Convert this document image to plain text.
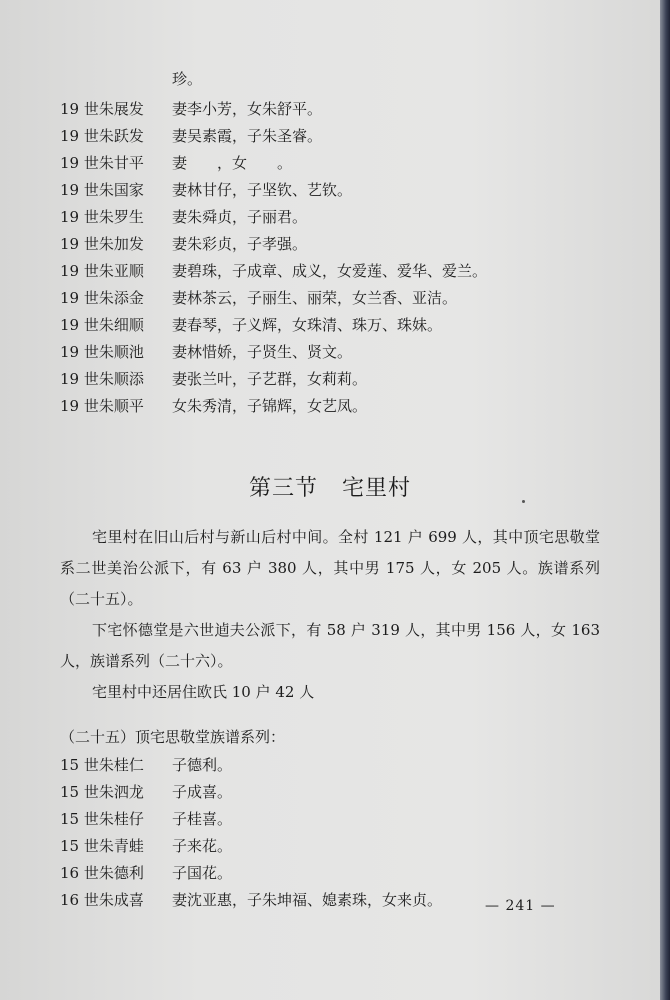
珍。
19 世朱展发 妻李小芳，女朱舒平。
19 世朱跃发 妻吴素霞，子朱圣睿。
19 世朱甘平 妻　　，女　　。
19 世朱国家 妻林甘仔，子坚钦、艺钦。
19 世朱罗生 妻朱舜贞，子丽君。
19 世朱加发 妻朱彩贞，子孝强。
19 世朱亚顺 妻碧珠，子成章、成义，女爱莲、爱华、爱兰。
19 世朱添金 妻林茶云，子丽生、丽荣，女兰香、亚洁。
19 世朱细顺 妻春琴，子义辉，女珠清、珠万、珠妹。
19 世朱顺池 妻林惜娇，子贤生、贤文。
19 世朱顺添 妻张兰叶，子艺群，女莉莉。
19 世朱顺平 女朱秀清，子锦辉，女艺凤。
第三节 宅里村

宅里村在旧山后村与新山后村中间。全村 121 户 699 人，其中顶宅思敬堂系二世美治公派下，有 63 户 380 人，其中男 175 人，女 205 人。族谱系列（二十五）。

下宅怀德堂是六世逌夫公派下，有 58 户 319 人，其中男 156 人，女 163 人，族谱系列（二十六）。

宅里村中还居住欧氏 10 户 42 人

（二十五）顶宅思敬堂族谱系列：
15 世朱桂仁 子德利。
15 世朱泗龙 子成喜。
15 世朱桂仔 子桂喜。
15 世朱青蛙 子来花。
16 世朱德利 子国花。
16 世朱成喜 妻沈亚惠，子朱坤福、媳素珠，女来贞。	— 241 —
